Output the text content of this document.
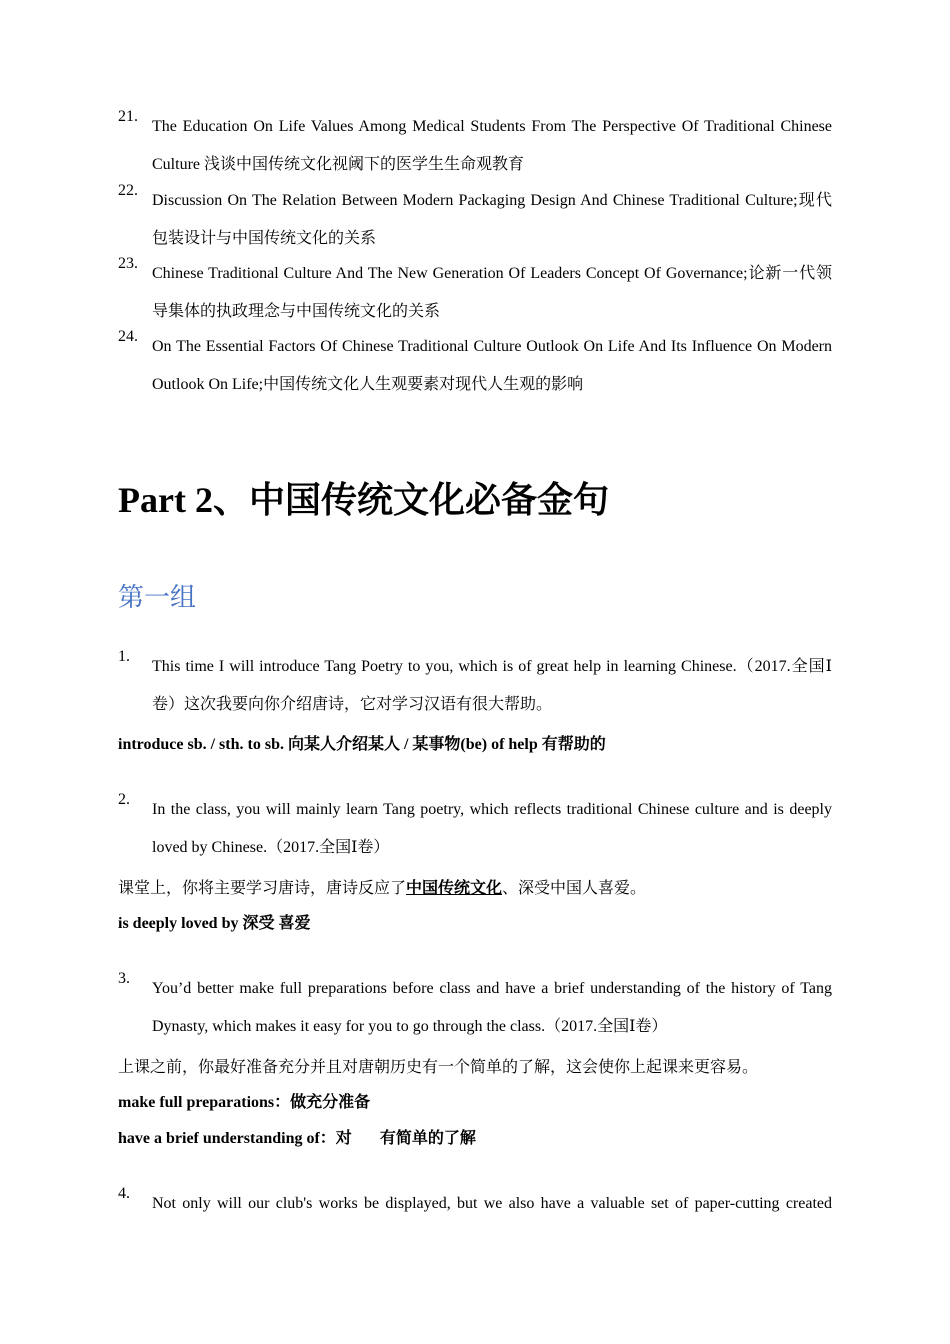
21.
The Education On Life Values Among Medical Students From The Perspective Of Traditional Chinese Culture 浅谈中国传统文化视阈下的医学生生命观教育
22.
Discussion On The Relation Between Modern Packaging Design And Chinese Traditional Culture;现代包装设计与中国传统文化的关系
23.
Chinese Traditional Culture And The New Generation Of Leaders Concept Of Governance;论新一代领导集体的执政理念与中国传统文化的关系
24.
On The Essential Factors Of Chinese Traditional Culture Outlook On Life And Its Influence On Modern Outlook On Life;中国传统文化人生观要素对现代人生观的影响
Part 2、中国传统文化必备金句
第一组
1.
This time I will introduce Tang Poetry to you, which is of great help in learning Chinese.（2017.全国Ⅰ卷）这次我要向你介绍唐诗，它对学习汉语有很大帮助。
introduce sb. / sth. to sb. 向某人介绍某人 / 某事物(be) of help 有帮助的
2.
In the class, you will mainly learn Tang poetry, which reflects traditional Chinese culture and is deeply loved by Chinese.（2017.全国Ⅰ卷）
课堂上，你将主要学习唐诗，唐诗反应了中国传统文化、深受中国人喜爱。
is deeply loved by 深受 喜爱
3.
You’d better make full preparations before class and have a brief understanding of the history of Tang Dynasty, which makes it easy for you to go through the class.（2017.全国Ⅰ卷）
上课之前，你最好准备充分并且对唐朝历史有一个简单的了解，这会使你上起课来更容易。
make full preparations：做充分准备
have a brief understanding of：对 有简单的了解
4.
Not only will our club's works be displayed, but we also have a valuable set of paper-cutting created
